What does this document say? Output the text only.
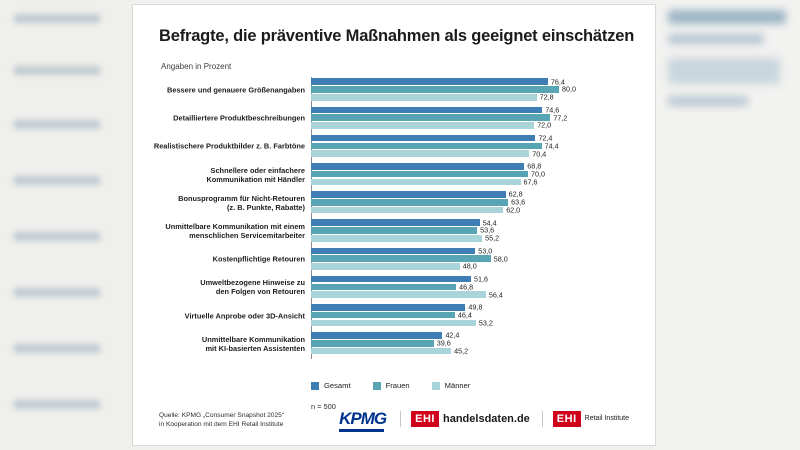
Befragte, die präventive Maßnahmen als geeignet einschätzen
Angaben in Prozent
Bessere und genauere Größenangaben
76,4
80,0
72,8
Detailliertere Produktbeschreibungen
74,6
77,2
72,0
Realistischere Produktbilder z. B. Farbtöne
72,4
74,4
70,4
Schnellere oder einfachere
Kommunikation mit Händler
68,8
70,0
67,6
Bonusprogramm für Nicht-Retouren
(z. B. Punkte, Rabatte)
62,8
63,6
62,0
Unmittelbare Kommunikation mit einem
menschlichen Servicemitarbeiter
54,4
53,6
55,2
Kostenpflichtige Retouren
53,0
58,0
48,0
Umweltbezogene Hinweise zu
den Folgen von Retouren
51,6
46,8
56,4
Virtuelle Anprobe oder 3D-Ansicht
49,8
46,4
53,2
Unmittelbare Kommunikation
mit KI-basierten Assistenten
42,4
39,6
45,2
Gesamt	Frauen	Männer
n = 500
Quelle: KPMG „Consumer Snapshot 2025“
in Kooperation mit dem EHI Retail Institute	KPMG	EHI handelsdaten.de	EHI	Retail Institute
